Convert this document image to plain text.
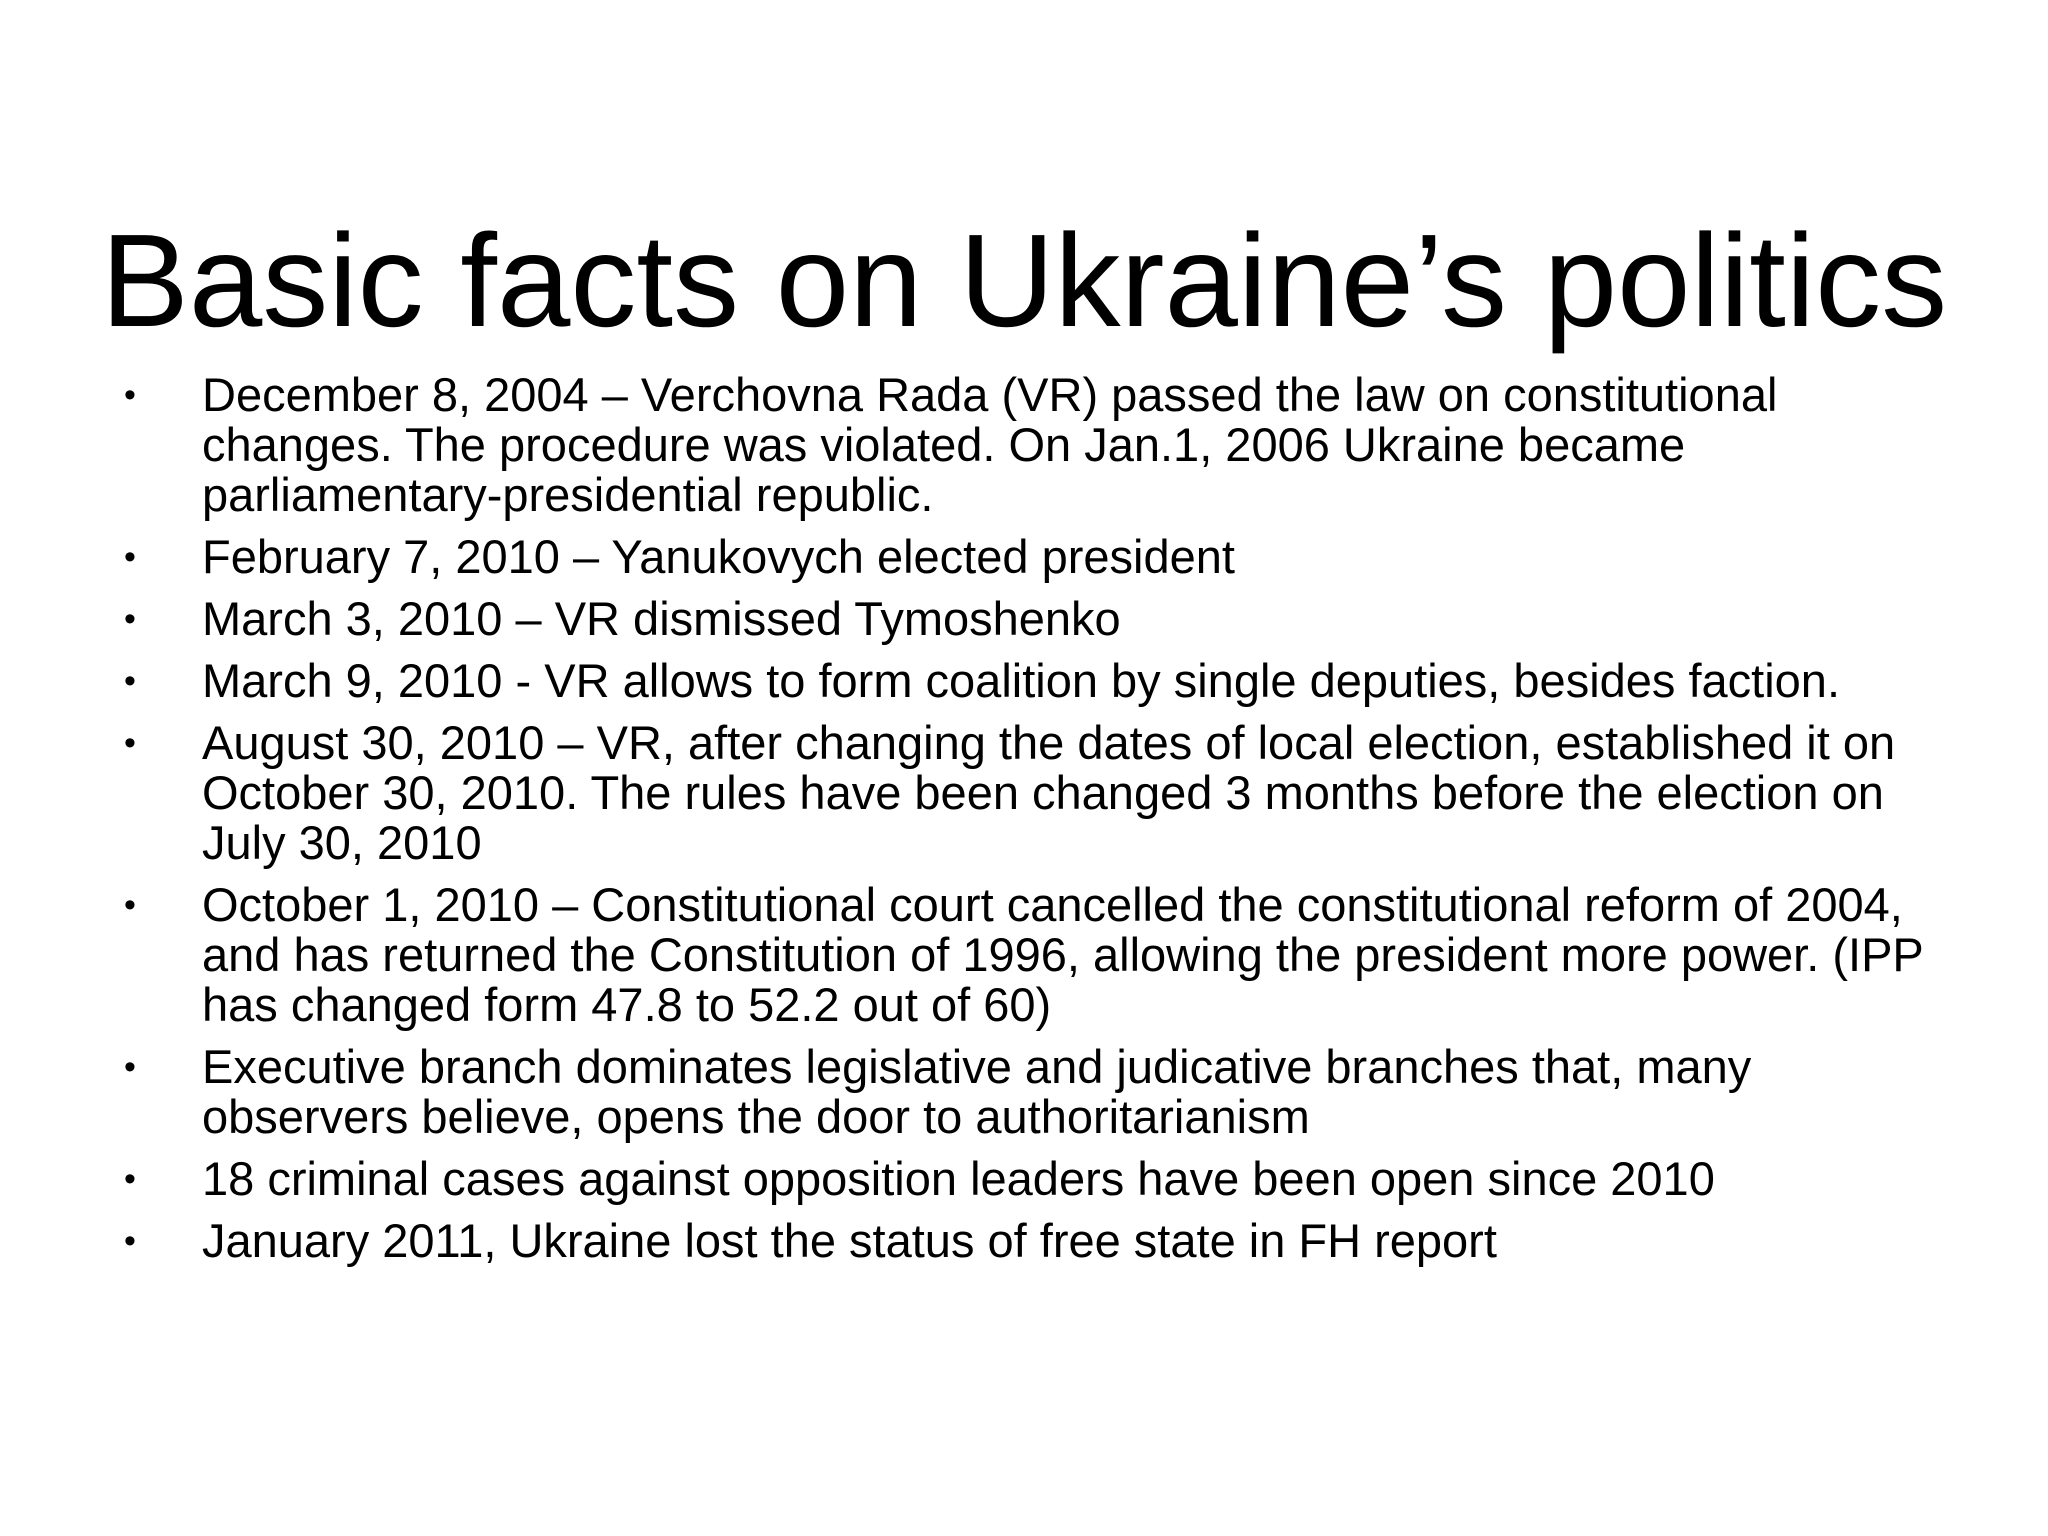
Basic facts on Ukraine’s politics
• December 8, 2004 – Verchovna Rada (VR) passed the law on constitutional changes. The procedure was violated. On Jan.1, 2006 Ukraine became parliamentary-presidential republic.
• February 7, 2010 – Yanukovych elected president
• March 3, 2010 – VR dismissed Tymoshenko
• March 9, 2010 - VR allows to form coalition by single deputies, besides faction.
• August 30, 2010 – VR, after changing the dates of local election, established it on October 30, 2010. The rules have been changed 3 months before the election on July 30, 2010
• October 1, 2010 – Constitutional court cancelled the constitutional reform of 2004, and has returned the Constitution of 1996, allowing the president more power. (IPP has changed form 47.8 to 52.2 out of 60)
• Executive branch dominates legislative and judicative branches that, many observers believe, opens the door to authoritarianism
• 18 criminal cases against opposition leaders have been open since 2010
• January 2011, Ukraine lost the status of free state in FH report
